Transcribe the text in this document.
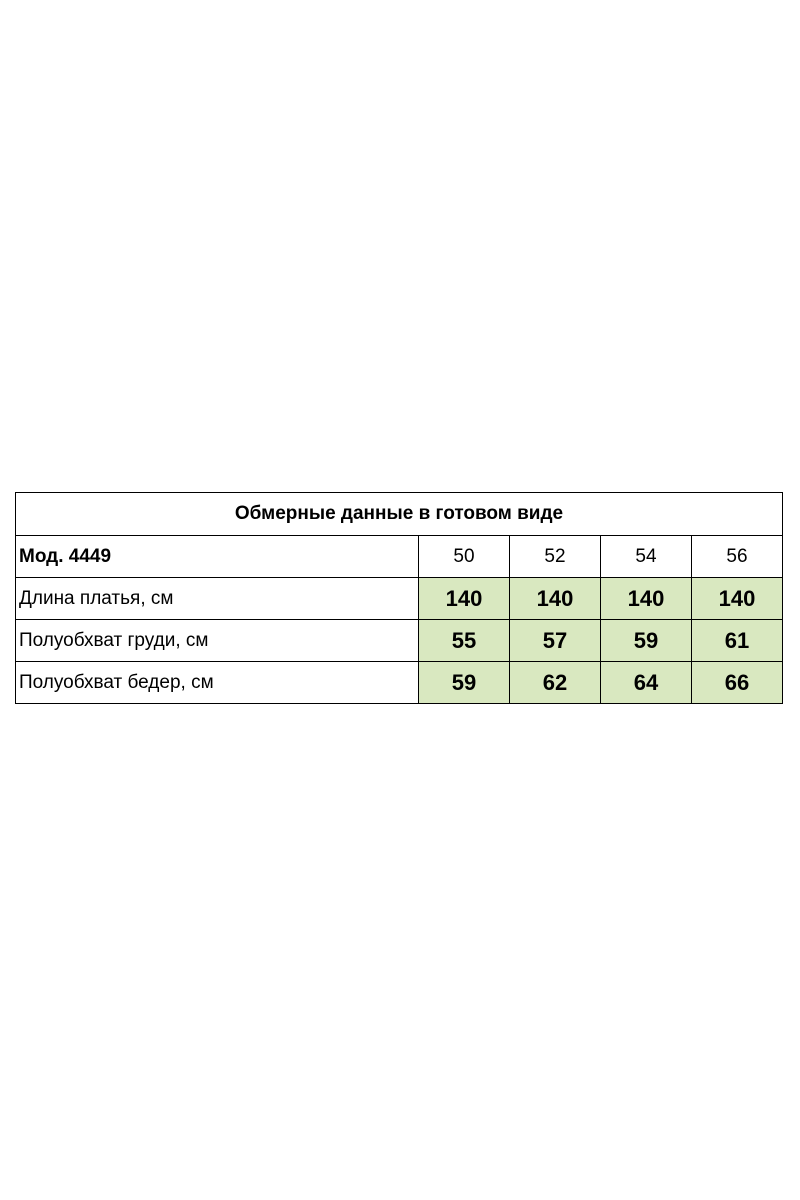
Обмерные данные в готовом виде				
Мод. 4449	50	52	54	56
Длина платья, см	140	140	140	140
Полуобхват груди, см	55	57	59	61
Полуобхват бедер, см	59	62	64	66
